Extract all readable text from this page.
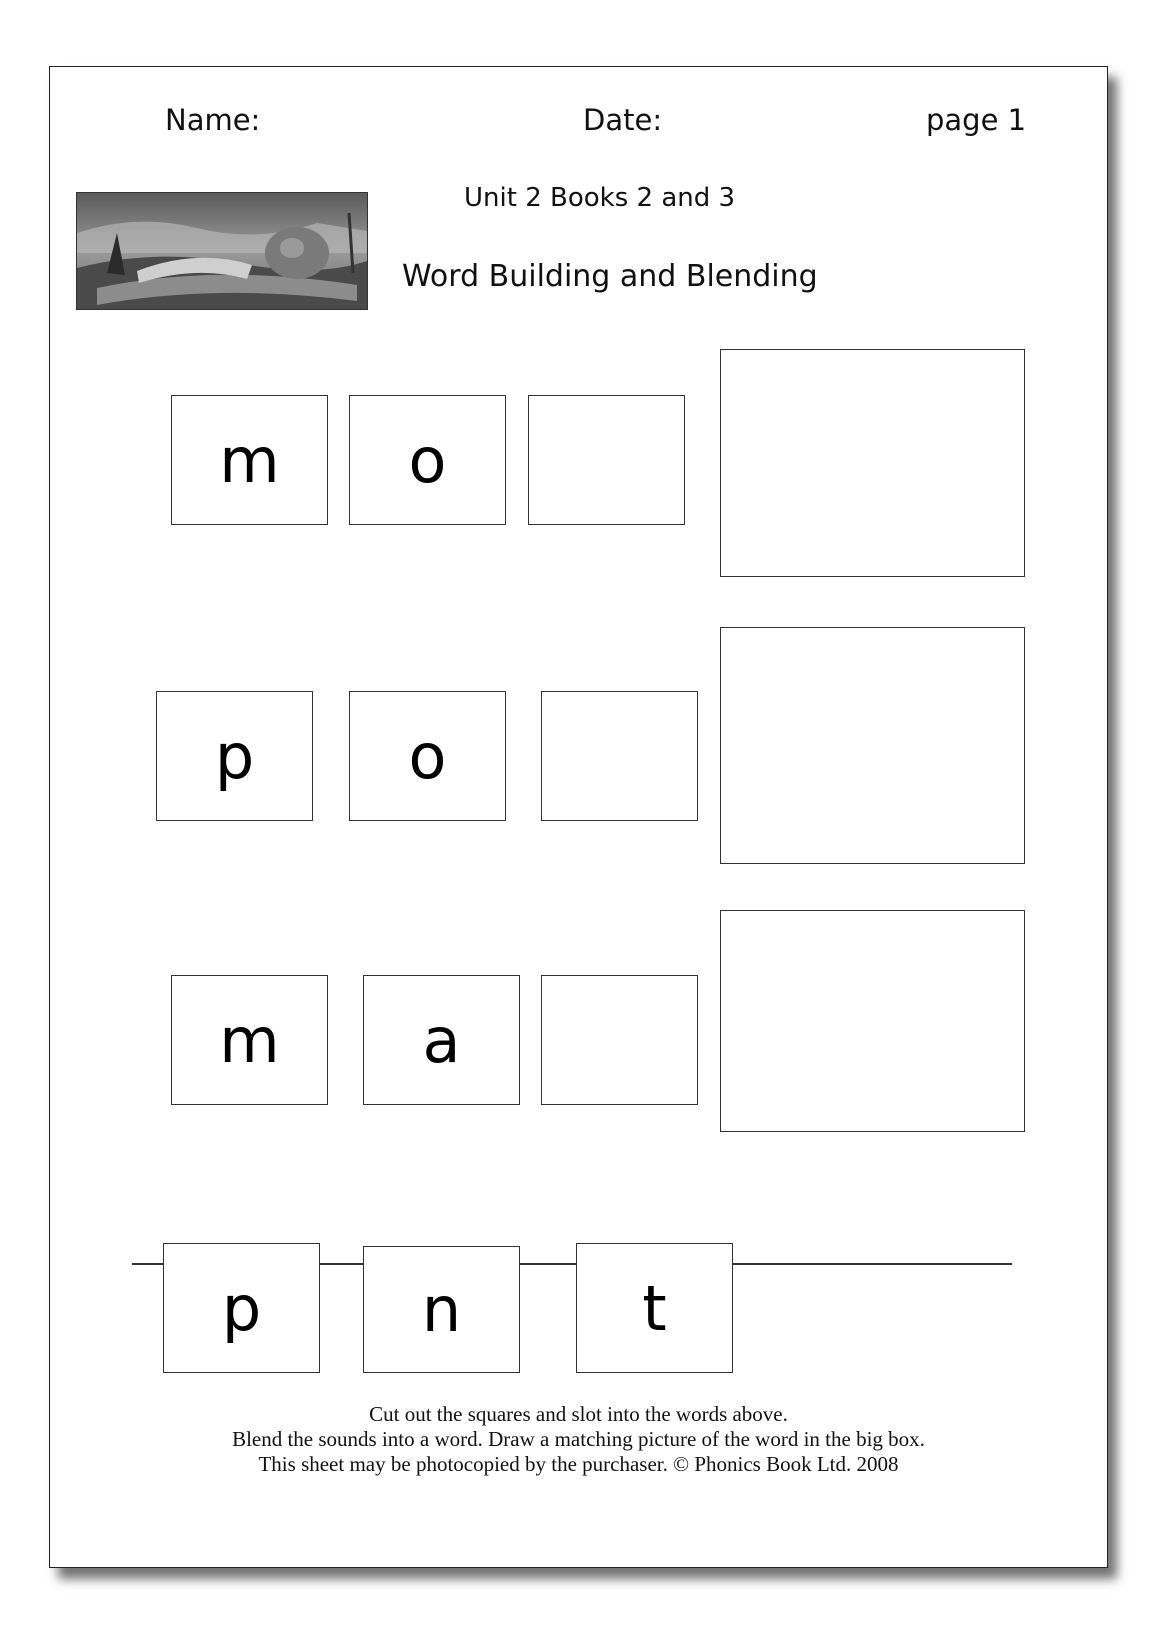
Name:	Date:	page 1
Unit 2 Books 2 and 3
Word Building and Blending
m	o
p	o
m	a
p	n	t
Cut out the squares and slot into the words above.
Blend the sounds into a word. Draw a matching picture of the word in the big box.
This sheet may be photocopied by the purchaser. © Phonics Book Ltd. 2008
